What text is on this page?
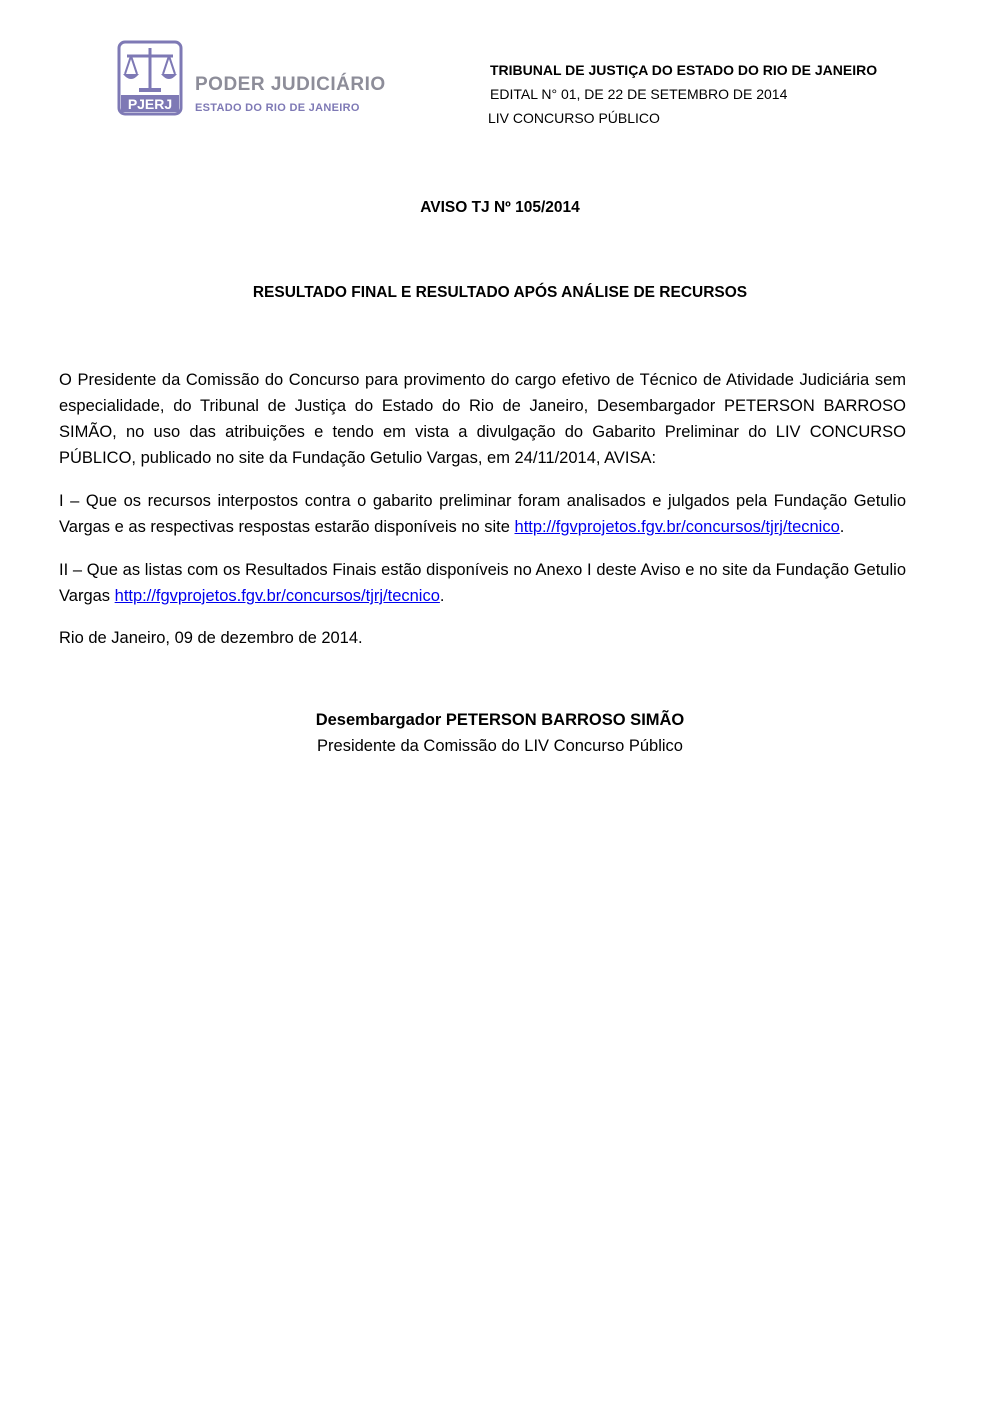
PJERJ
PODER JUDICIÁRIO
ESTADO DO RIO DE JANEIRO
TRIBUNAL DE JUSTIÇA DO ESTADO DO RIO DE JANEIRO
EDITAL N° 01, DE 22 DE SETEMBRO DE 2014
LIV CONCURSO PÚBLICO
AVISO TJ Nº 105/2014
RESULTADO FINAL E RESULTADO APÓS ANÁLISE DE RECURSOS
O Presidente da Comissão do Concurso para provimento do cargo efetivo de Técnico de Atividade Judiciária sem especialidade, do Tribunal de Justiça do Estado do Rio de Janeiro, Desembargador PETERSON BARROSO SIMÃO, no uso das atribuições e tendo em vista a divulgação do Gabarito Preliminar do LIV CONCURSO PÚBLICO, publicado no site da Fundação Getulio Vargas, em 24/11/2014, AVISA:
I – Que os recursos interpostos contra o gabarito preliminar foram analisados e julgados pela Fundação Getulio Vargas e as respectivas respostas estarão disponíveis no site http://fgvprojetos.fgv.br/concursos/tjrj/tecnico.
II – Que as listas com os Resultados Finais estão disponíveis no Anexo I deste Aviso e no site da Fundação Getulio Vargas http://fgvprojetos.fgv.br/concursos/tjrj/tecnico.
Rio de Janeiro, 09 de dezembro de 2014.
Desembargador PETERSON BARROSO SIMÃO
Presidente da Comissão do LIV Concurso Público
